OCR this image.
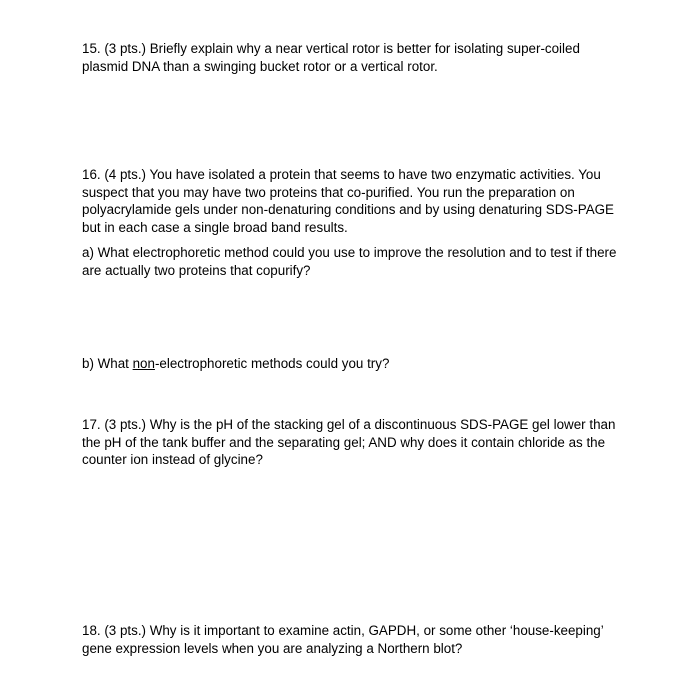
15. (3 pts.) Briefly explain why a near vertical rotor is better for isolating super-coiled plasmid DNA than a swinging bucket rotor or a vertical rotor.

16. (4 pts.) You have isolated a protein that seems to have two enzymatic activities. You suspect that you may have two proteins that co-purified. You run the preparation on polyacrylamide gels under non-denaturing conditions and by using denaturing SDS-PAGE but in each case a single broad band results.

a) What electrophoretic method could you use to improve the resolution and to test if there are actually two proteins that copurify?

b) What non-electrophoretic methods could you try?

17. (3 pts.) Why is the pH of the stacking gel of a discontinuous SDS-PAGE gel lower than the pH of the tank buffer and the separating gel; AND why does it contain chloride as the counter ion instead of glycine?

18. (3 pts.) Why is it important to examine actin, GAPDH, or some other ‘house-keeping’ gene expression levels when you are analyzing a Northern blot?
